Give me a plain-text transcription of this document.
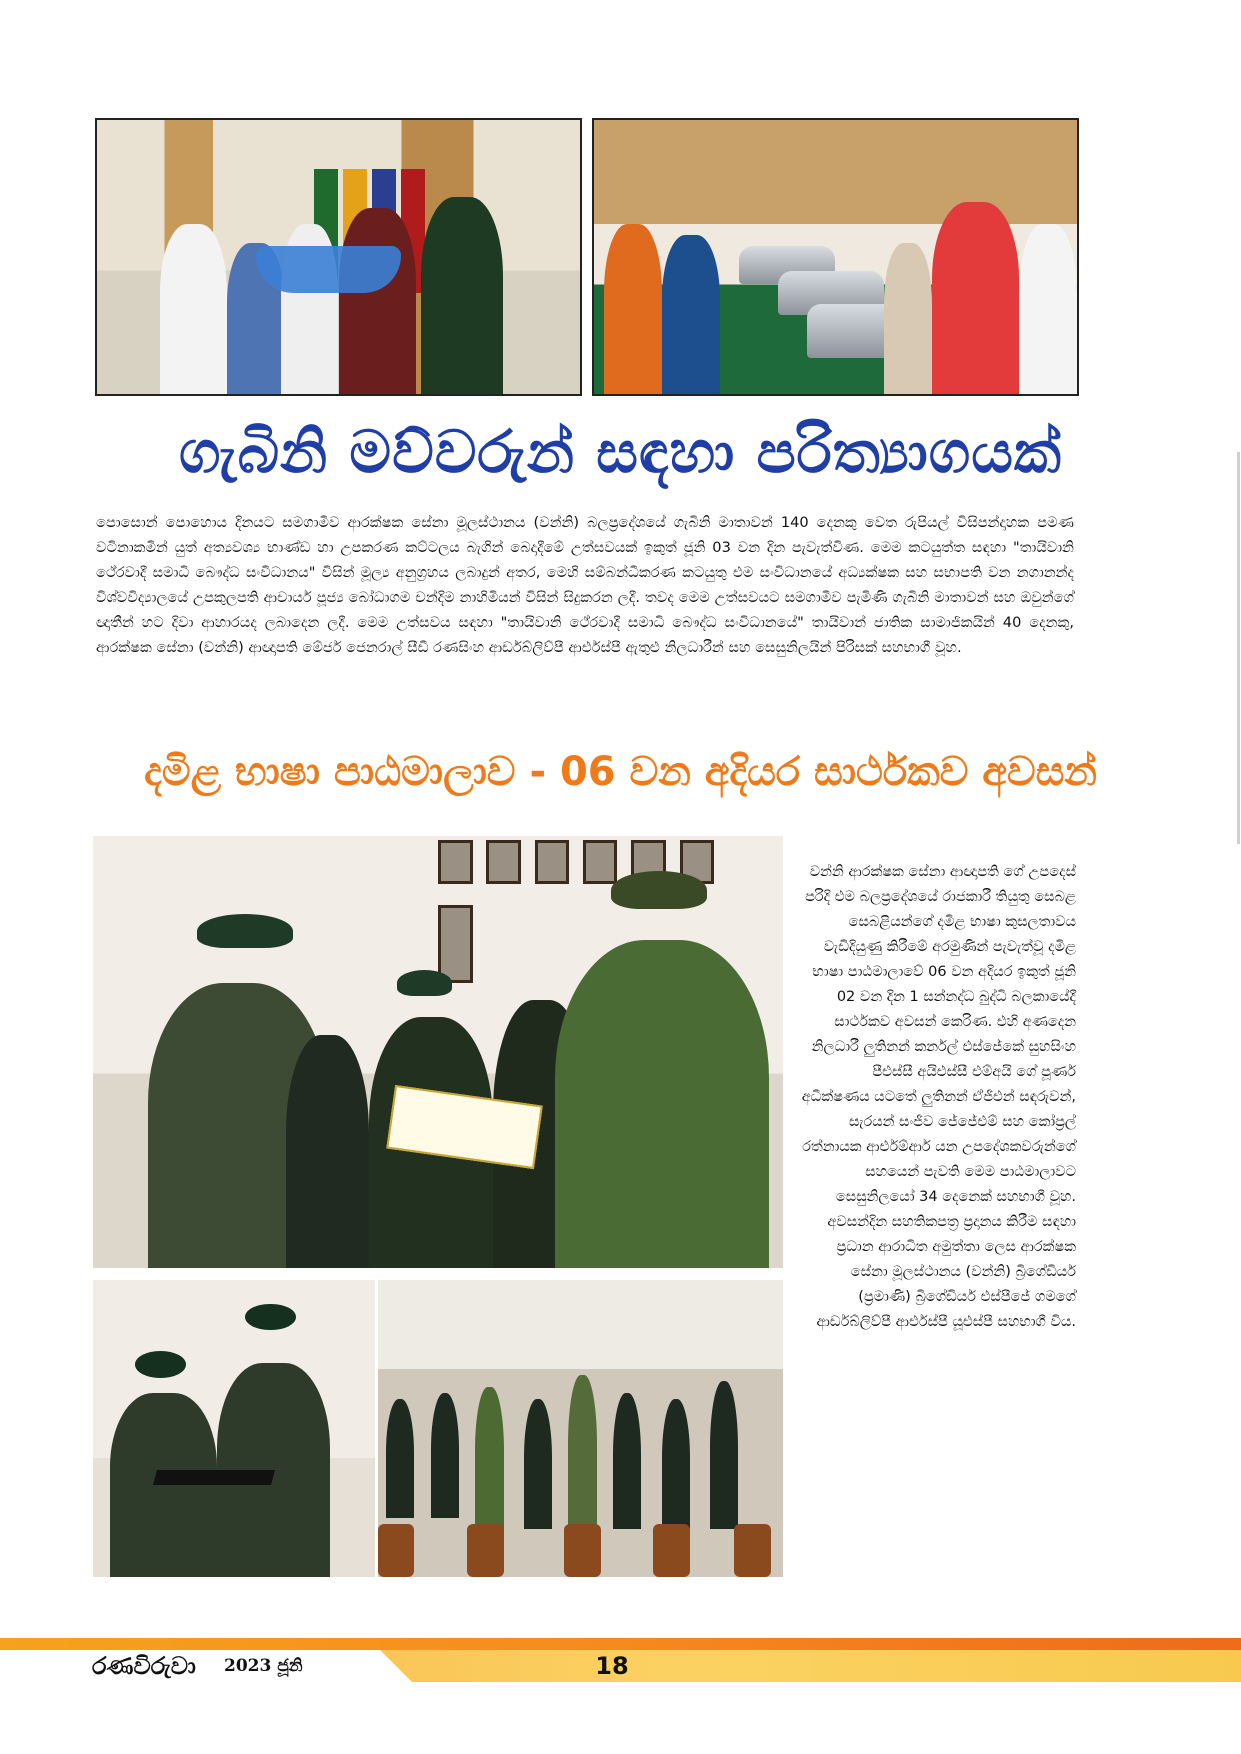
ගැබිනි මව්වරුන් සඳහා පරිත්‍යාගයක්

පොසොන් පොහොය දිනයට සමගාමීව ආරක්ෂක සේනා මූලස්ථානය (වන්නි) බලප්‍රදේශයේ ගැබිනි මාතාවන් 140 දෙනකු වෙත රුපියල් විසිපන්දාහක පමණ වටිනාකමින් යුත් අත්‍යවශ්‍ය භාණ්ඩ හා උපකරණ කට්ටලය බැගින් බෙදාදීමේ උත්සවයක් ඉකුත් ජූනි 03 වන දින පැවැත්විණ. මෙම කටයුත්ත සඳහා "තායිවානි ථේරවාදී සමාධි බෞද්ධ සංවිධානය" විසින් මූල්‍ය අනුග්‍රහය ලබාදුන් අතර, මෙහි සම්බන්ධීකරණ කටයුතු එම සංවිධානයේ අධ්‍යක්ෂක සහ සභාපති වන නගානන්ද විශ්වවිද්‍යාලයේ උපකුලපති ආචාර්ය පූජ්‍ය බෝධාගම චන්දිම නාහිමියන් විසින් සිදුකරන ලදී. තවද මෙම උත්සවයට සමගාමීව පැමිණි ගැබිනි මාතාවන් සහ ඔවුන්ගේ ඥාතීන් හට දිවා ආහාරයද ලබාදෙන ලදී. මෙම උත්සවය සඳහා "තායිවානි ථේරවාදී සමාධි බෞද්ධ සංවිධානයේ" තායිවාන් ජාතික සාමාජිකයින් 40 දෙනකු, ආරක්ෂක සේනා (වන්නි) ආඥාපති මේජර් ජෙනරාල් සීඩී රණසිංහ ආර්ඩබ්ලිව්පී ආර්එස්පී ඇතුළු නිලධාරීන් සහ සෙසුනිලයින් පිරිසක් සහභාගී වූහ.

දමිළ භාෂා පාඨමාලාව - 06 වන අදියර සාර්ථකව අවසන්

වන්නි ආරක්ෂක සේනා ආඥාපති ගේ උපදෙස් පරිදි එම බලප්‍රදේශයේ රාජකාරී තියුතු සෙබළ සෙබළියන්ගේ දමිළ භාෂා කුසලතාවය වැඩිදියුණු කිරීමේ අරමුණින් පැවැත්වූ දමිළ භාෂා පාඨමාලාවේ 06 වන අදියර ඉකුත් ජූනි 02 වන දින 1 සන්නද්ධ බුද්ධි බලකායේදී සාර්ථකව අවසන් කෙරිණ. එහි අණදෙන නිලධාරී ලුතිනන් කර්නල් එස්ජේකේ සුහසිංහ පීඑස්සී අයිඑස්සී එම්අයි ගේ පූර්ණ අධීක්ෂණය යටතේ ලුතිනන් ඒජීඑන් සඳරුවන්, සැරයන් සංජීව ජේජේඑම් සහ කෝප්‍රල් රත්නායක ආර්එම්ආර් යන උපදේශකවරුන්ගේ සහයෙන් පැවති මෙම පාඨමාලාවට සෙසුනිලයෝ 34 දෙනෙක් සහභාගී වූහ. අවසන්දින සහතිකපත්‍ර ප්‍රදානය කිරීම සඳහා ප්‍රධාන ආරාධිත අමුත්තා ලෙස ආරක්ෂක සේනා මූලස්ථානය (වන්නි) බ්‍රිගේඩියර් (ප්‍රමාණි) බ්‍රිගේඩියර් එස්පීජේ ගමගේ ආර්ඩබ්ලිව්පී ආර්එස්පී යූඑස්පී සහභාගී විය.

රණවිරුවා 2023 ජූනි	18
